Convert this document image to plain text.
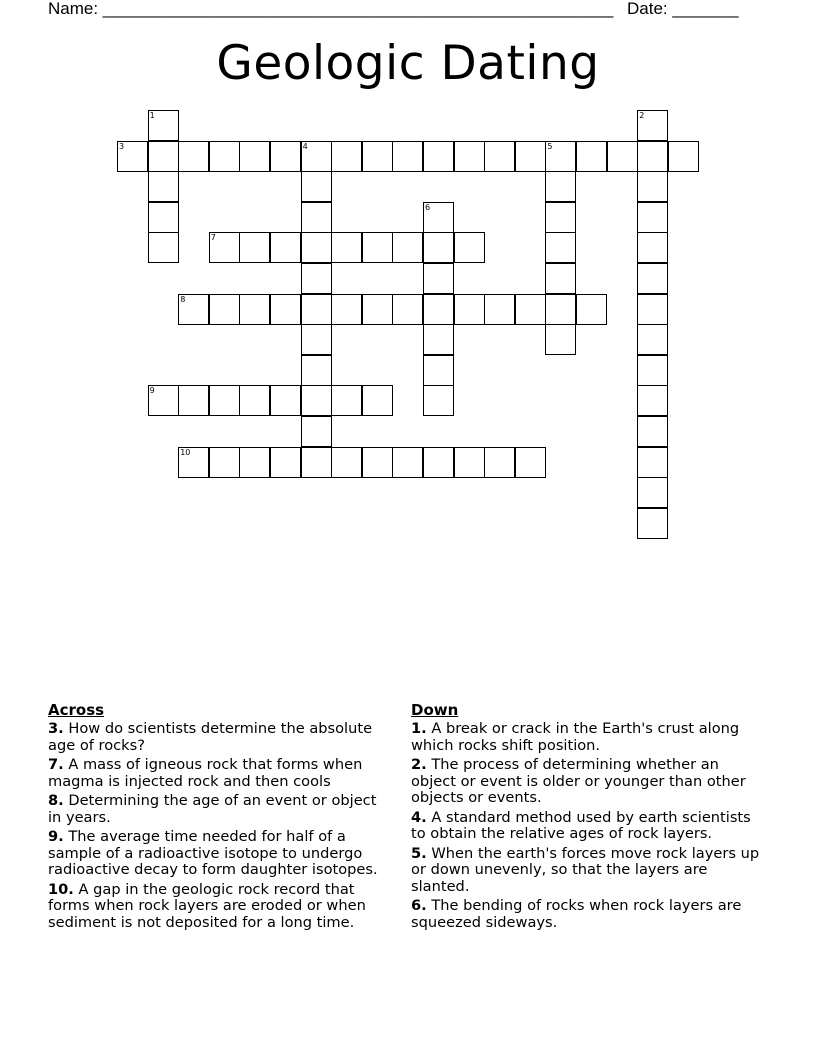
Name: ______________________________________________________ Date: _______
Geologic Dating
1	2
3	4	5
6
7
8
9
10
Across
3. How do scientists determine the absolute age of rocks?
7. A mass of igneous rock that forms when magma is injected rock and then cools
8. Determining the age of an event or object in years.
9. The average time needed for half of a sample of a radioactive isotope to undergo radioactive decay to form daughter isotopes.
10. A gap in the geologic rock record that forms when rock layers are eroded or when sediment is not deposited for a long time.
Down
1. A break or crack in the Earth's crust along which rocks shift position.
2. The process of determining whether an object or event is older or younger than other objects or events.
4. A standard method used by earth scientists to obtain the relative ages of rock layers.
5. When the earth's forces move rock layers up or down unevenly, so that the layers are slanted.
6. The bending of rocks when rock layers are squeezed sideways.
